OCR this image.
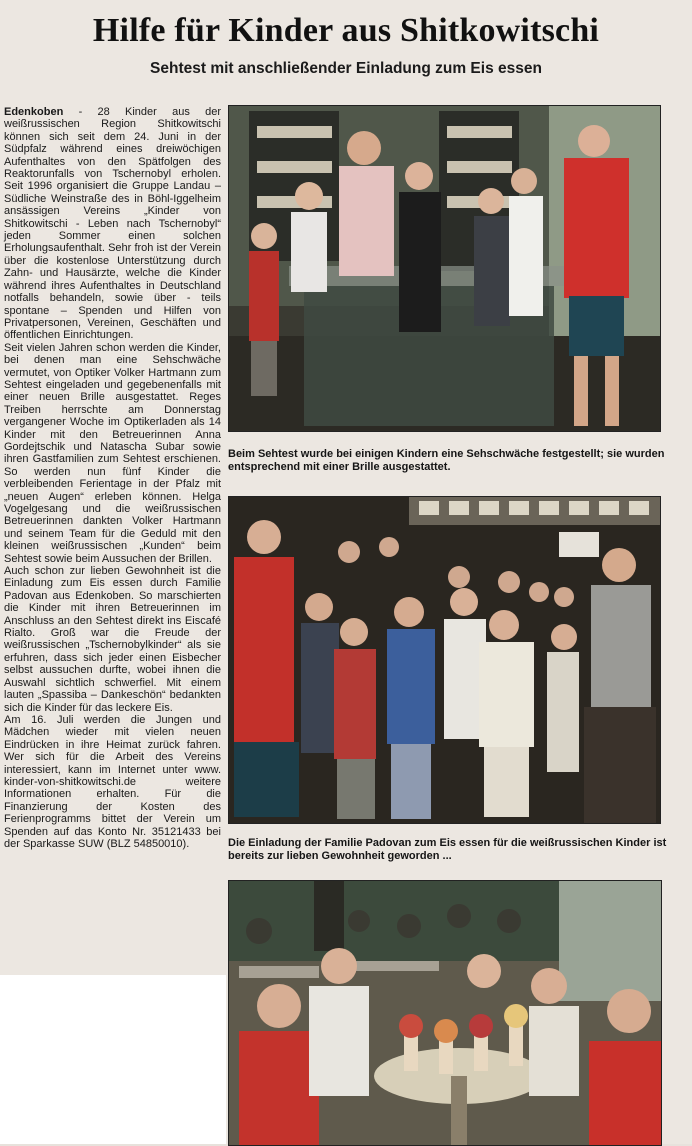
Hilfe für Kinder aus Shitkowitschi
Sehtest mit anschließender Einladung zum Eis essen

Edenkoben - 28 Kinder aus der weißrussischen Region Shitkowitschi können sich seit dem 24. Juni in der Südpfalz während eines dreiwöchigen Aufenthaltes von den Spätfolgen des Reaktorunfalls von Tschernobyl erholen. Seit 1996 organisiert die Gruppe Landau – Südliche Weinstraße des in Böhl-Iggelheim ansässigen Vereins „Kinder von Shitkowitschi - Leben nach Tschernobyl“ jeden Sommer einen solchen Erholungsaufenthalt. Sehr froh ist der Verein über die kostenlose Unterstützung durch Zahn- und Hausärzte, welche die Kinder während ihres Aufenthaltes in Deutschland notfalls behandeln, sowie über - teils spontane – Spenden und Hilfen von Privatpersonen, Vereinen, Geschäften und öffentlichen Einrichtungen.

Seit vielen Jahren schon werden die Kinder, bei denen man eine Sehschwäche vermutet, von Optiker Volker Hartmann zum Sehtest eingeladen und gegebenenfalls mit einer neuen Brille ausgestattet. Reges Treiben herrschte am Donnerstag vergangener Woche im Optikerladen als 14 Kinder mit den Betreuerinnen Anna Gordejtschik und Natascha Subar sowie ihren Gastfamilien zum Sehtest erschienen. So werden nun fünf Kinder die verbleibenden Ferientage in der Pfalz mit „neuen Augen“ erleben können. Helga Vogelgesang und die weißrussischen Betreuerinnen dankten Volker Hartmann und seinem Team für die Geduld mit den kleinen weißrussischen „Kunden“ beim Sehtest sowie beim Aussuchen der Brillen.

Auch schon zur lieben Gewohnheit ist die Einladung zum Eis essen durch Familie Padovan aus Edenkoben. So marschierten die Kinder mit ihren Betreuerinnen im Anschluss an den Sehtest direkt ins Eiscafé Rialto. Groß war die Freude der weißrussischen „Tschernobylkinder“ als sie erfuhren, dass sich jeder einen Eisbecher selbst aussuchen durfte, wobei ihnen die Auswahl sichtlich schwerfiel. Mit einem lauten „Spassiba – Dankeschön“ bedankten sich die Kinder für das leckere Eis.

Am 16. Juli werden die Jungen und Mädchen wieder mit vielen neuen Eindrücken in ihre Heimat zurück fahren. Wer sich für die Arbeit des Vereins interessiert, kann im Internet unter www. kinder-von-shitkowitschi.de weitere Informationen erhalten. Für die Finanzierung der Kosten des Ferienprogramms bittet der Verein um Spenden auf das Konto Nr. 35121433 bei der Sparkasse SUW (BLZ 54850010).

Beim Sehtest wurde bei einigen Kindern eine Sehschwäche festgestellt; sie wurden entsprechend mit einer Brille ausgestattet.

Die Einladung der Familie Padovan zum Eis essen für die weißrussischen Kinder ist bereits zur lieben Gewohnheit geworden ...
